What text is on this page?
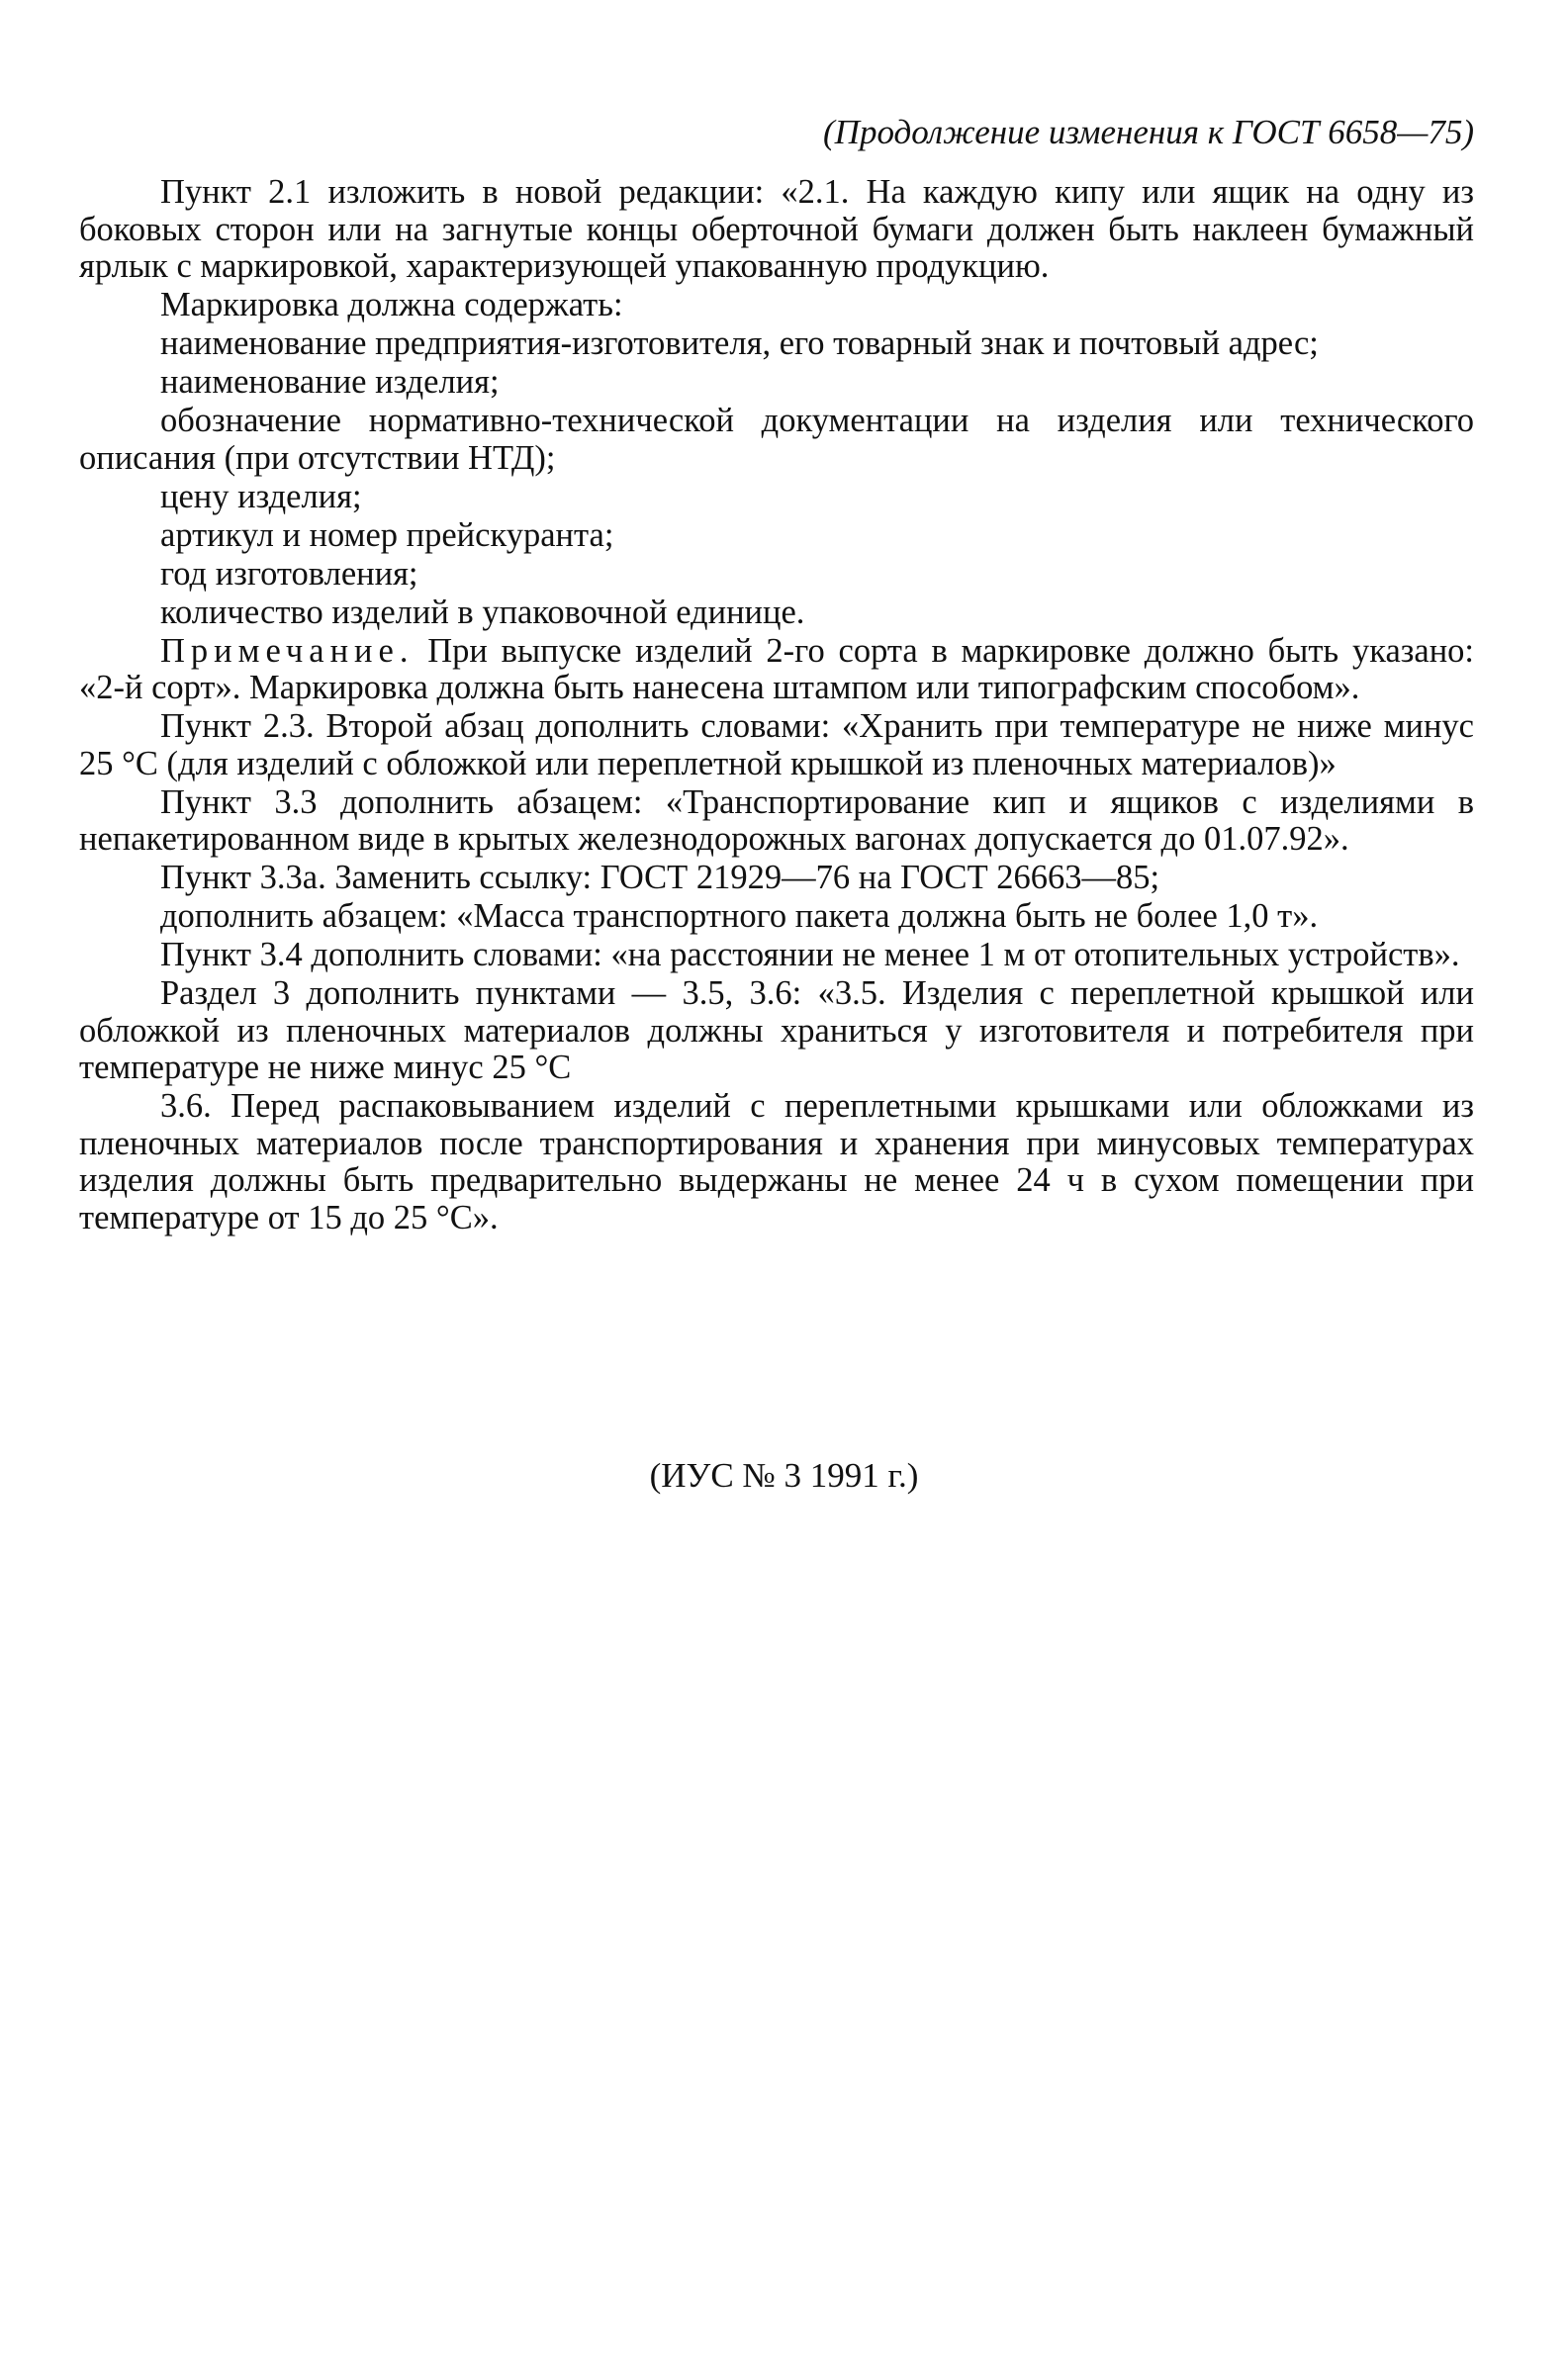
(Продолжение изменения к ГОСТ 6658—75)

Пункт 2.1 изложить в новой редакции: «2.1. На каждую кипу или ящик на одну из боковых сторон или на загнутые концы оберточной бумаги должен быть наклеен бумажный ярлык с маркировкой, характеризующей упакованную продукцию.

Маркировка должна содержать:

наименование предприятия-изготовителя, его товарный знак и почтовый адрес;

наименование изделия;

обозначение нормативно-технической документации на изделия или технического описания (при отсутствии НТД);

цену изделия;

артикул и номер прейскуранта;

год изготовления;

количество изделий в упаковочной единице.

Примечание. При выпуске изделий 2-го сорта в маркировке должно быть указано: «2-й сорт». Маркировка должна быть нанесена штампом или типографским способом».

Пункт 2.3. Второй абзац дополнить словами: «Хранить при температуре не ниже минус 25 °С (для изделий с обложкой или переплетной крышкой из пленочных материалов)»

Пункт 3.3 дополнить абзацем: «Транспортирование кип и ящиков с изделиями в непакетированном виде в крытых железнодорожных вагонах допускается до 01.07.92».

Пункт 3.3а. Заменить ссылку: ГОСТ 21929—76 на ГОСТ 26663—85;

дополнить абзацем: «Масса транспортного пакета должна быть не более 1,0 т».

Пункт 3.4 дополнить словами: «на расстоянии не менее 1 м от отопительных устройств».

Раздел 3 дополнить пунктами — 3.5, 3.6: «3.5. Изделия с переплетной крышкой или обложкой из пленочных материалов должны храниться у изготовителя и потребителя при температуре не ниже минус 25 °С

3.6. Перед распаковыванием изделий с переплетными крышками или обложками из пленочных материалов после транспортирования и хранения при минусовых температурах изделия должны быть предварительно выдержаны не менее 24 ч в сухом помещении при температуре от 15 до 25 °С».

(ИУС № 3 1991 г.)
